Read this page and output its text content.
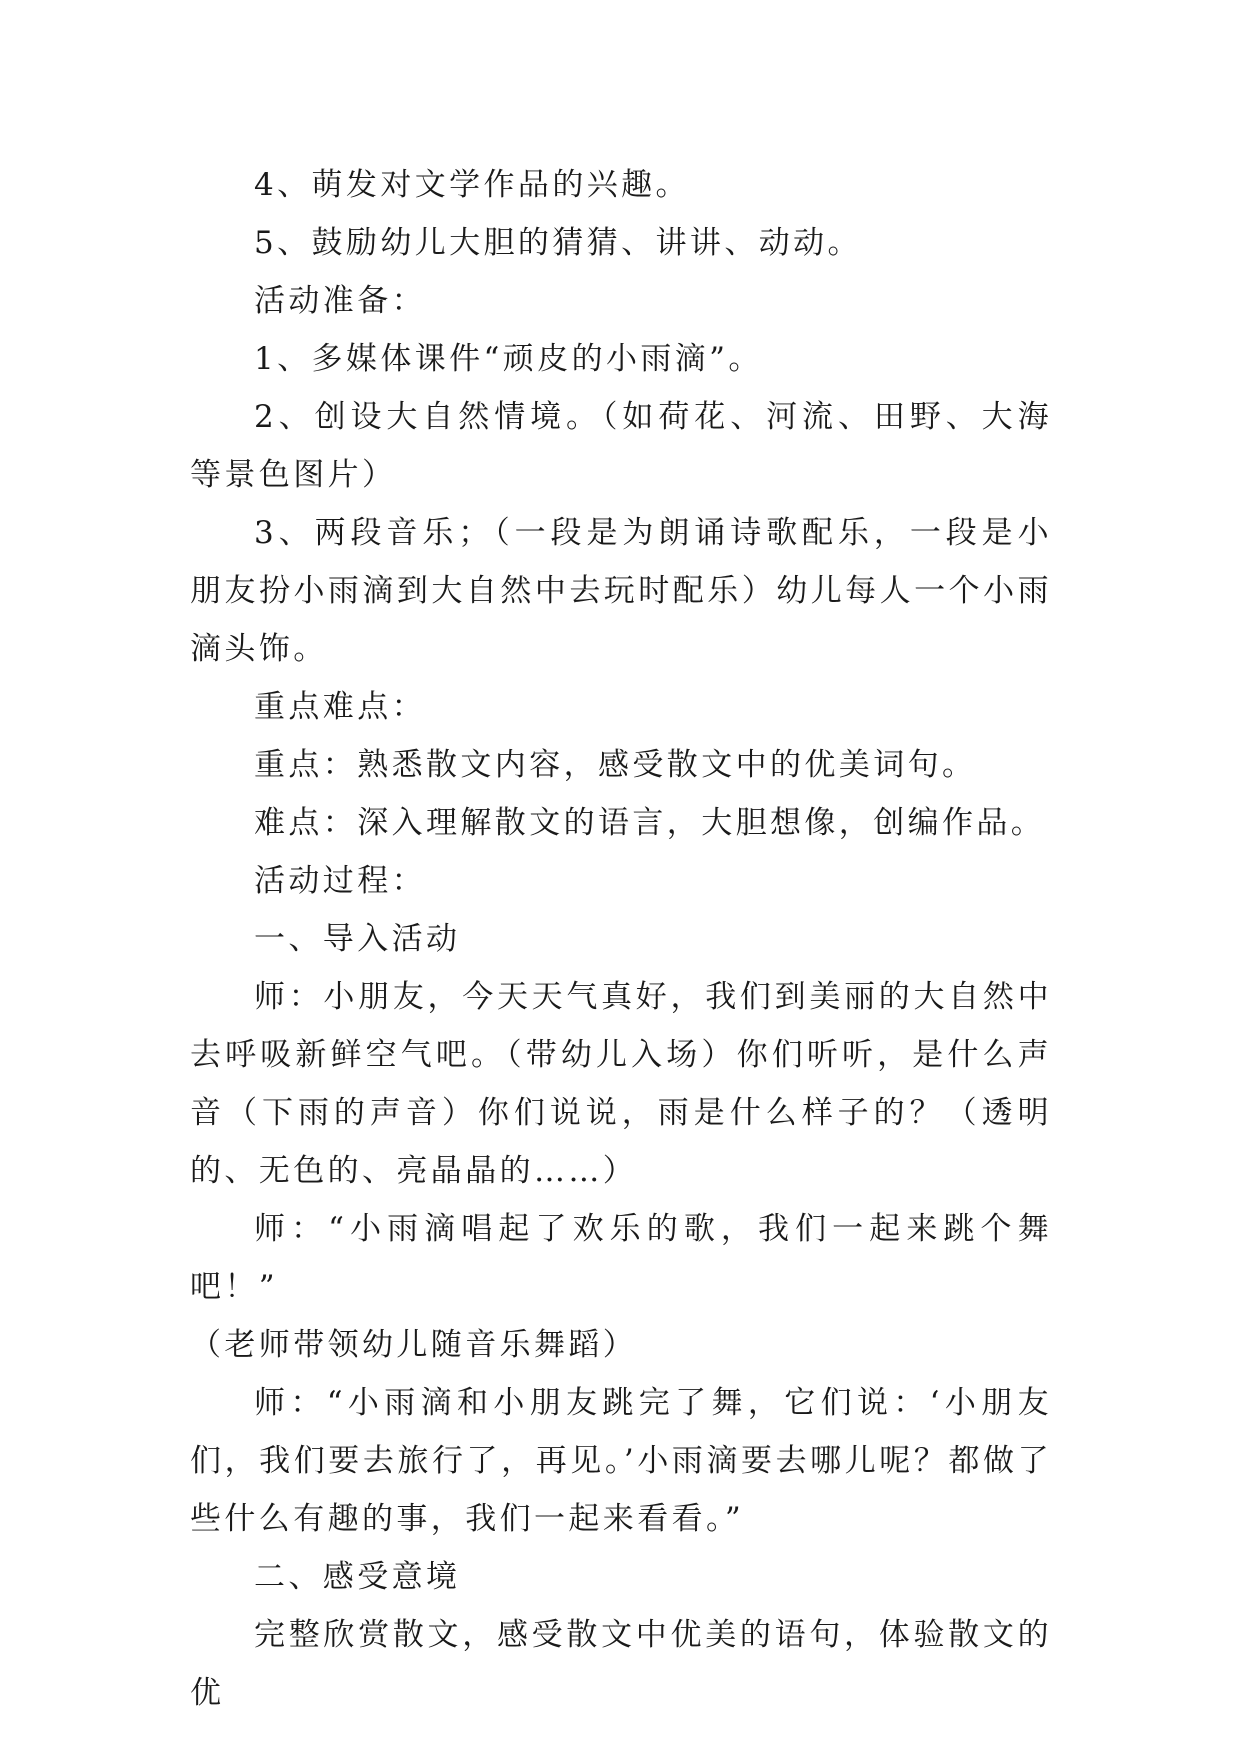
4、萌发对文学作品的兴趣。

5、鼓励幼儿大胆的猜猜、讲讲、动动。

活动准备：

1、多媒体课件“顽皮的小雨滴”。

2、创设大自然情境。（如荷花、河流、田野、大海等景色图片）

3、两段音乐；（一段是为朗诵诗歌配乐，一段是小朋友扮小雨滴到大自然中去玩时配乐）幼儿每人一个小雨滴头饰。

重点难点：

重点：熟悉散文内容，感受散文中的优美词句。

难点：深入理解散文的语言，大胆想像，创编作品。

活动过程：

一、导入活动

师：小朋友，今天天气真好，我们到美丽的大自然中去呼吸新鲜空气吧。（带幼儿入场）你们听听，是什么声音（下雨的声音）你们说说，雨是什么样子的？（透明的、无色的、亮晶晶的……）

师：“小雨滴唱起了欢乐的歌，我们一起来跳个舞吧！”

（老师带领幼儿随音乐舞蹈）

师：“小雨滴和小朋友跳完了舞，它们说：‘小朋友们，我们要去旅行了，再见。’小雨滴要去哪儿呢？都做了些什么有趣的事，我们一起来看看。”

二、感受意境

完整欣赏散文，感受散文中优美的语句，体验散文的优
